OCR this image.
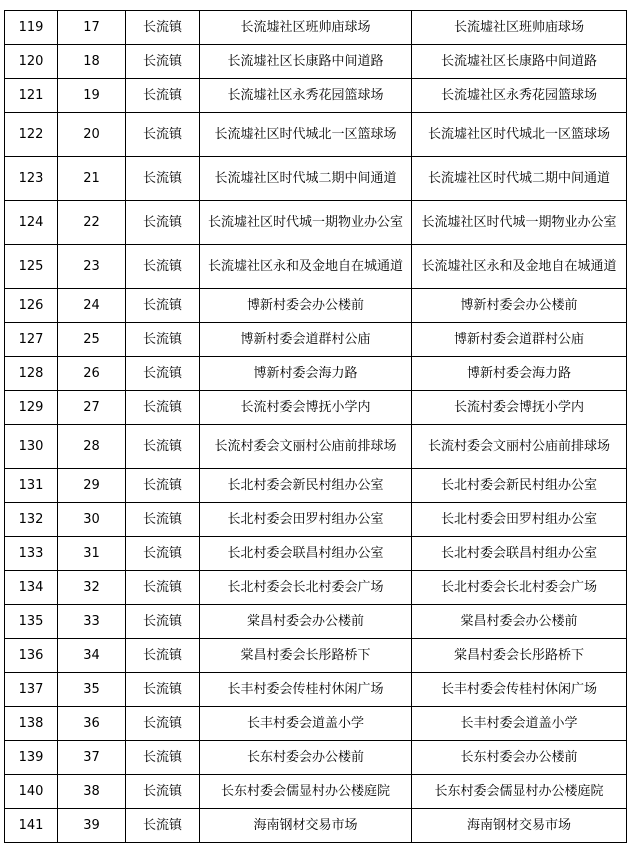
119	17	长流镇	长流墟社区班帅庙球场	长流墟社区班帅庙球场
120	18	长流镇	长流墟社区长康路中间道路	长流墟社区长康路中间道路
121	19	长流镇	长流墟社区永秀花园篮球场	长流墟社区永秀花园篮球场
122	20	长流镇	长流墟社区时代城北一区篮球场	长流墟社区时代城北一区篮球场
123	21	长流镇	长流墟社区时代城二期中间通道	长流墟社区时代城二期中间通道
124	22	长流镇	长流墟社区时代城一期物业办公室	长流墟社区时代城一期物业办公室
125	23	长流镇	长流墟社区永和及金地自在城通道	长流墟社区永和及金地自在城通道
126	24	长流镇	博新村委会办公楼前	博新村委会办公楼前
127	25	长流镇	博新村委会道群村公庙	博新村委会道群村公庙
128	26	长流镇	博新村委会海力路	博新村委会海力路
129	27	长流镇	长流村委会博抚小学内	长流村委会博抚小学内
130	28	长流镇	长流村委会文丽村公庙前排球场	长流村委会文丽村公庙前排球场
131	29	长流镇	长北村委会新民村组办公室	长北村委会新民村组办公室
132	30	长流镇	长北村委会田罗村组办公室	长北村委会田罗村组办公室
133	31	长流镇	长北村委会联昌村组办公室	长北村委会联昌村组办公室
134	32	长流镇	长北村委会长北村委会广场	长北村委会长北村委会广场
135	33	长流镇	棠昌村委会办公楼前	棠昌村委会办公楼前
136	34	长流镇	棠昌村委会长彤路桥下	棠昌村委会长彤路桥下
137	35	长流镇	长丰村委会传桂村休闲广场	长丰村委会传桂村休闲广场
138	36	长流镇	长丰村委会道盖小学	长丰村委会道盖小学
139	37	长流镇	长东村委会办公楼前	长东村委会办公楼前
140	38	长流镇	长东村委会儒显村办公楼庭院	长东村委会儒显村办公楼庭院
141	39	长流镇	海南钢材交易市场	海南钢材交易市场
